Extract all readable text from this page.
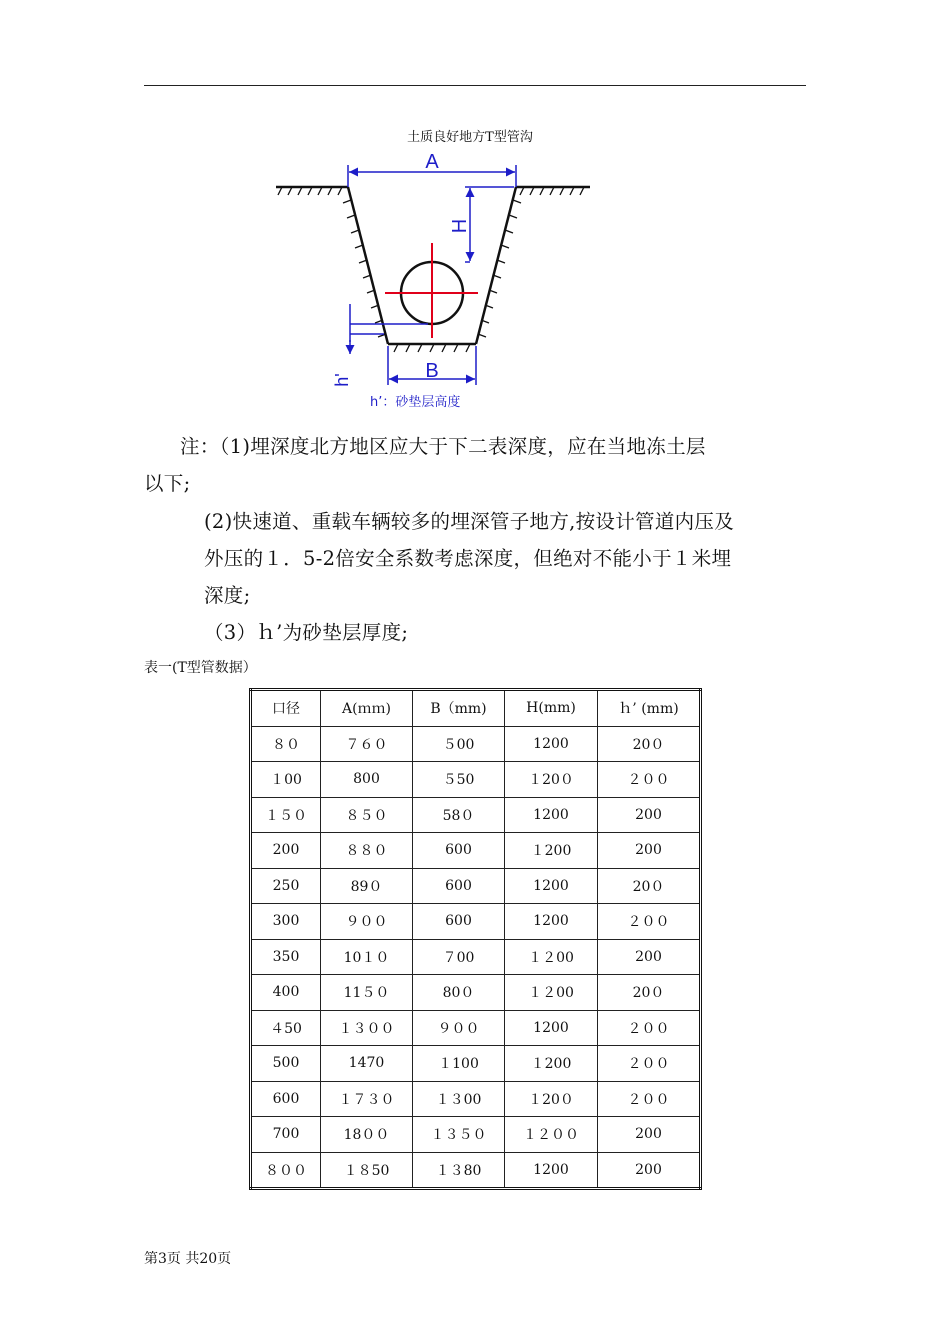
土质良好地方T型管沟
A
H
h'	B
h’：砂垫层高度
注：（1)埋深度北方地区应大于下二表深度，应在当地冻土层
以下;
(2)快速道、重载车辆较多的埋深管子地方,按设计管道内压及
外压的１．5-2倍安全系数考虑深度，但绝对不能小于１米埋
深度;
（3）ｈ’为砂垫层厚度;
表一(T型管数据）
口径	A(ｍｍ)	B（mm)	H(mm)	ｈ’ (mm)
８０	７６０	５00	1200	20０
１00	800	５50	１20０	２００
１５０	８５０	58０	1200	200
200	８８０	600	１200	200
250	89０	600	1200	20０
300	９００	600	1200	２００
350	10１０	７00	１２00	200
400	11５０	80０	１２00	20０
４50	１３００	９００	1200	２００
500	1470	１100	１200	２００
600	１７３０	１３00	１20０	２００
700	18００	１３５０	１２００	200
８００	１８50	１３80	1200	200
第3页 共20页
